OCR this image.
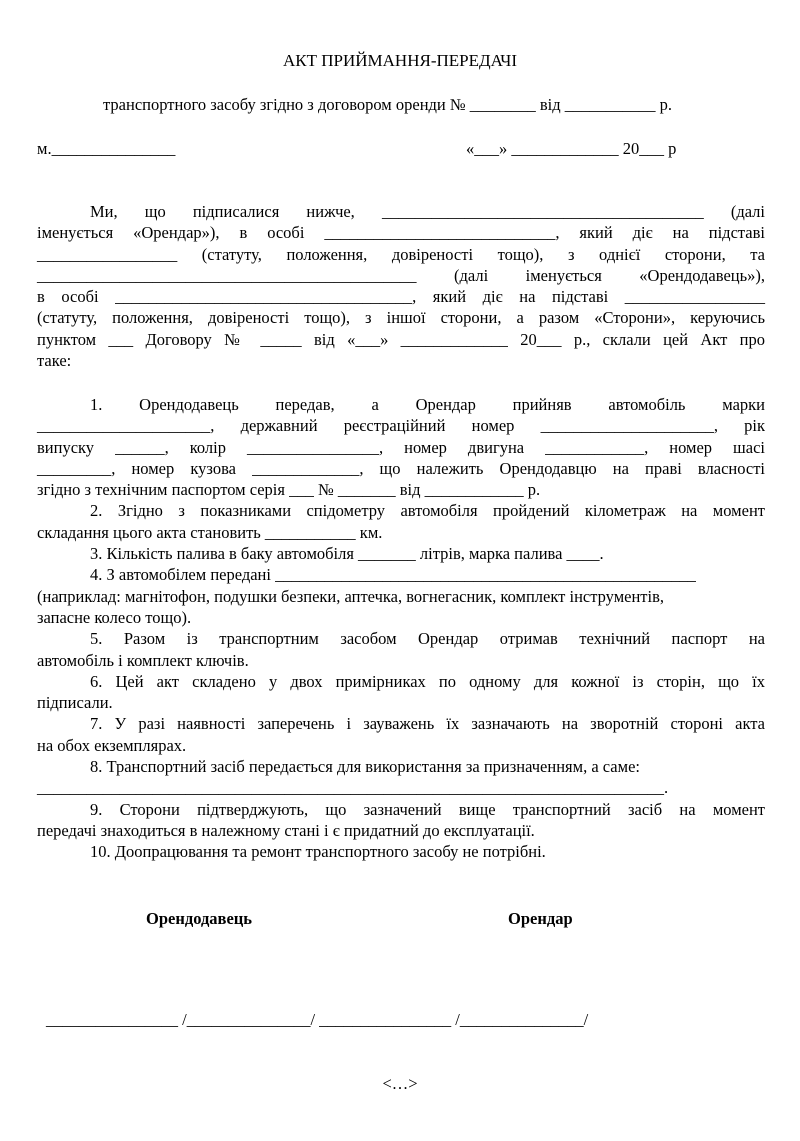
АКТ ПРИЙМАННЯ-ПЕРЕДАЧІ
транспортного засобу згідно з договором оренди № ________ від ___________ р.
м._______________	«___» _____________ 20___ р
Ми, що підписалися нижче, _______________________________________ (далі
іменується «Орендар»), в особі ____________________________, який діє на підставі
_________________ (статуту, положення, довіреності тощо), з однієї сторони, та
______________________________________________ (далі іменується «Орендодавець»),
в особі ____________________________________, який діє на підставі _________________
(статуту, положення, довіреності тощо), з іншої сторони, а разом «Сторони», керуючись
пунктом ___ Договору № _____ від «___» _____________ 20___ р., склали цей Акт про
таке:
1. Орендодавець передав, а Орендар прийняв автомобіль марки
_____________________, державний реєстраційний номер _____________________, рік
випуску ______, колір ________________, номер двигуна ____________, номер шасі
_________, номер кузова _____________, що належить Орендодавцю на праві власності
згідно з технічним паспортом серія ___ № _______ від ____________ р.
2. Згідно з показниками спідометру автомобіля пройдений кілометраж на момент
складання цього акта становить ___________ км.
3. Кількість палива в баку автомобіля _______ літрів, марка палива ____.
4. З автомобілем передані ___________________________________________________
(наприклад: магнітофон, подушки безпеки, аптечка, вогнегасник, комплект інструментів,
запасне колесо тощо).
5. Разом із транспортним засобом Орендар отримав технічний паспорт на
автомобіль і комплект ключів.
6. Цей акт складено у двох примірниках по одному для кожної із сторін, що їх
підписали.
7. У разі наявності заперечень і зауважень їх зазначають на зворотній стороні акта
на обох екземплярах.
8. Транспортний засіб передається для використання за призначенням, а саме:
____________________________________________________________________________.
9. Сторони підтверджують, що зазначений вище транспортний засіб на момент
передачі знаходиться в належному стані і є придатний до експлуатації.
10. Доопрацювання та ремонт транспортного засобу не потрібні.
Орендодавець	Орендар
________________ /_______________/ ________________ /_______________/
<…>
